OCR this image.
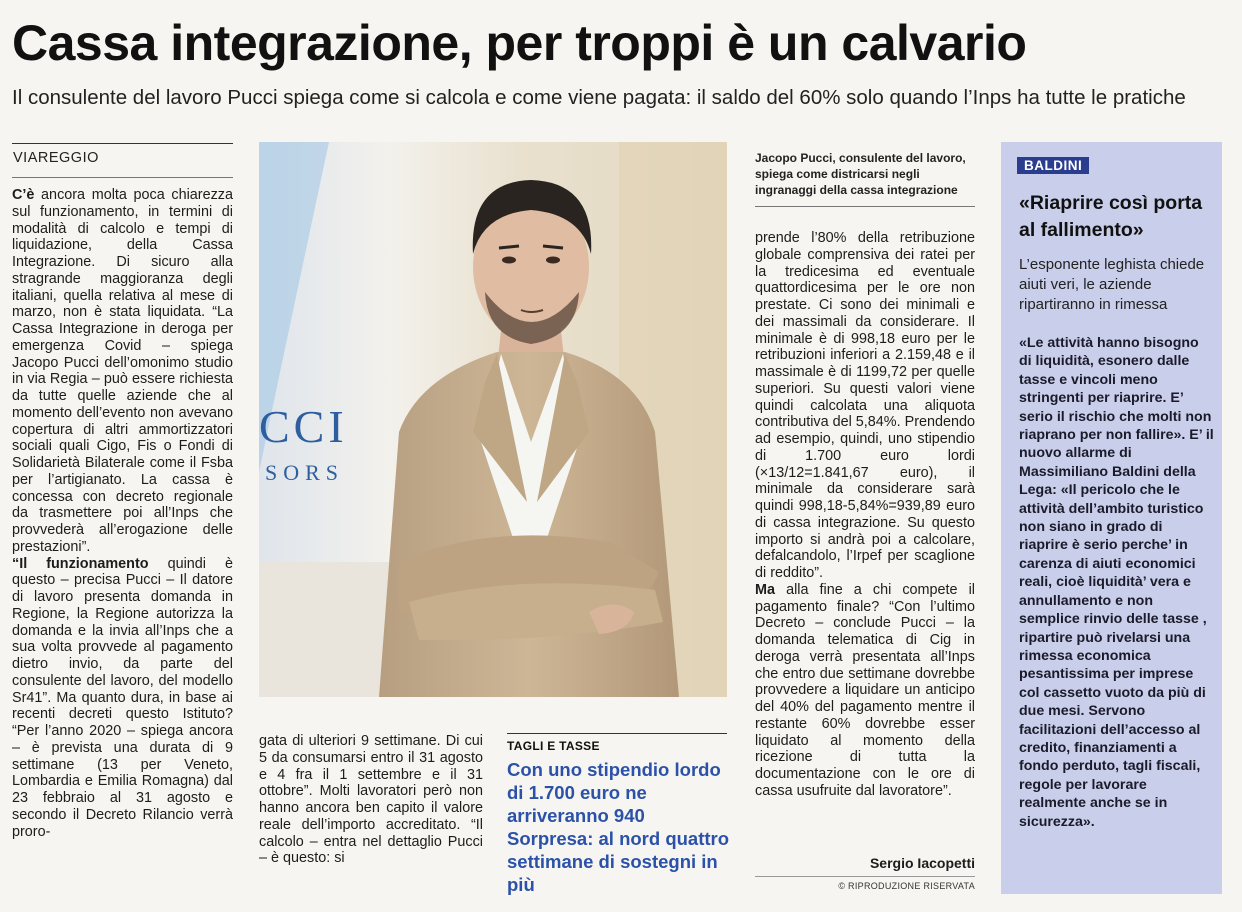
Cassa integrazione, per troppi è un calvario
Il consulente del lavoro Pucci spiega come si calcola e come viene pagata: il saldo del 60% solo quando l’Inps ha tutte le pratiche
VIAREGGIO

C’è ancora molta poca chiarezza sul funzionamento, in termini di modalità di calcolo e tempi di liquidazione, della Cassa Integrazione. Di sicuro alla stragrande maggioranza degli italiani, quella relativa al mese di marzo, non è stata liquidata. “La Cassa Integrazione in deroga per emergenza Covid – spiega Jacopo Pucci dell’omonimo studio in via Regia – può essere richiesta da tutte quelle aziende che al momento dell’evento non avevano copertura di altri ammortizzatori sociali quali Cigo, Fis o Fondi di Solidarietà Bilaterale come il Fsba per l’artigianato. La cassa è concessa con decreto regionale da trasmettere poi all’Inps che provvederà all’erogazione delle prestazioni”.

“Il funzionamento quindi è questo – precisa Pucci – Il datore di lavoro presenta domanda in Regione, la Regione autorizza la domanda e la invia all’Inps che a sua volta provvede al pagamento dietro invio, da parte del consulente del lavoro, del modello Sr41”. Ma quanto dura, in base ai recenti decreti questo Istituto? “Per l’anno 2020 – spiega ancora – è prevista una durata di 9 settimane (13 per Veneto, Lombardia e Emilia Romagna) dal 23 febbraio al 31 agosto e secondo il Decreto Rilancio verrà proro-

CCI
SORS

gata di ulteriori 9 settimane. Di cui 5 da consumarsi entro il 31 agosto e 4 fra il 1 settembre e il 31 ottobre”. Molti lavoratori però non hanno ancora ben capito il valore reale dell’importo accreditato. “Il calcolo – entra nel dettaglio Pucci – è questo: si

TAGLI E TASSE
Con uno stipendio lordo di 1.700 euro ne arriveranno 940 Sorpresa: al nord quattro settimane di sostegni in più
Jacopo Pucci, consulente del lavoro, spiega come districarsi negli ingranaggi della cassa integrazione

prende l’80% della retribuzione globale comprensiva dei ratei per la tredicesima ed eventuale quattordicesima per le ore non prestate. Ci sono dei minimali e dei massimali da considerare. Il minimale è di 998,18 euro per le retribuzioni inferiori a 2.159,48 e il massimale è di 1199,72 per quelle superiori. Su questi valori viene quindi calcolata una aliquota contributiva del 5,84%. Prendendo ad esempio, quindi, uno stipendio di 1.700 euro lordi (×13/12=1.841,67 euro), il minimale da considerare sarà quindi 998,18-5,84%=939,89 euro di cassa integrazione. Su questo importo si andrà poi a calcolare, defalcandolo, l’Irpef per scaglione di reddito”.

Ma alla fine a chi compete il pagamento finale? “Con l’ultimo Decreto – conclude Pucci – la domanda telematica di Cig in deroga verrà presentata all’Inps che entro due settimane dovrebbe provvedere a liquidare un anticipo del 40% del pagamento mentre il restante 60% dovrebbe esser liquidato al momento della ricezione di tutta la documentazione con le ore di cassa usufruite dal lavoratore”.

Sergio Iacopetti
© RIPRODUZIONE RISERVATA
BALDINI
«Riaprire così porta al fallimento»
L’esponente leghista chiede aiuti veri, le aziende ripartiranno in rimessa
«Le attività hanno bisogno di liquidità, esonero dalle tasse e vincoli meno stringenti per riaprire. E’ serio il rischio che molti non riaprano per non fallire». E’ il nuovo allarme di Massimiliano Baldini della Lega: «Il pericolo che le attività dell’ambito turistico non siano in grado di riaprire è serio perche’ in carenza di aiuti economici reali, cioè liquidità’ vera e annullamento e non semplice rinvio delle tasse , ripartire può rivelarsi una rimessa economica pesantissima per imprese col cassetto vuoto da più di due mesi. Servono facilitazioni dell’accesso al credito, finanziamenti a fondo perduto, tagli fiscali, regole per lavorare realmente anche se in sicurezza».
